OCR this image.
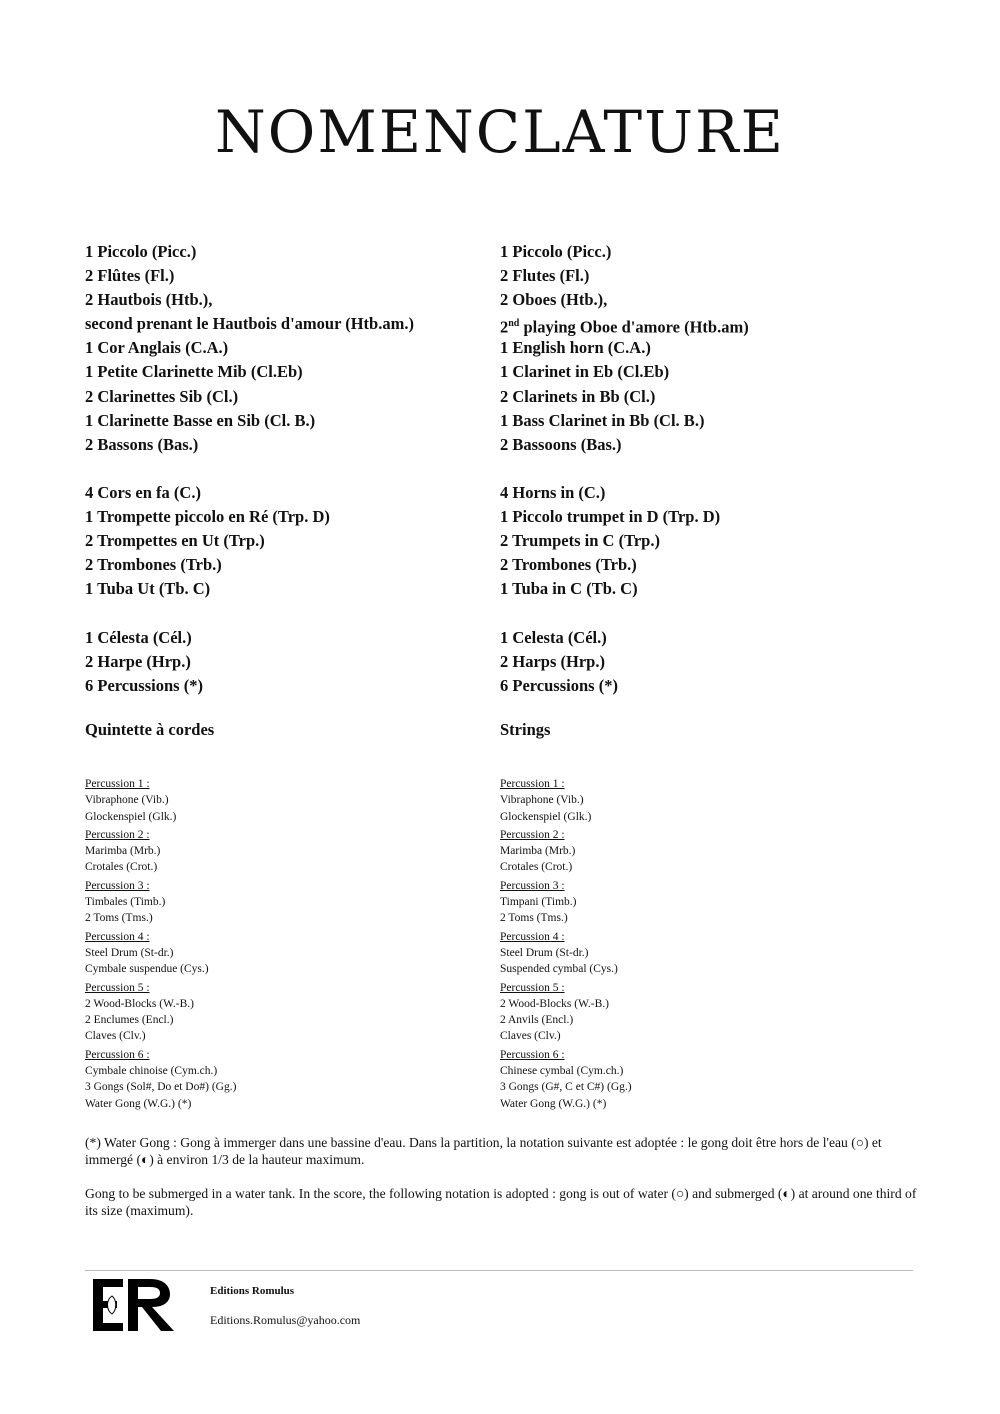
NOMENCLATURE
1 Piccolo (Picc.)
2 Flûtes (Fl.)
2 Hautbois (Htb.),
second prenant le Hautbois d'amour (Htb.am.)
1 Cor Anglais (C.A.)
1 Petite Clarinette Mib (Cl.Eb)
2 Clarinettes Sib (Cl.)
1 Clarinette Basse en Sib (Cl. B.)
2 Bassons (Bas.)
4 Cors en fa (C.)
1 Trompette piccolo en Ré (Trp. D)
2 Trompettes en Ut (Trp.)
2 Trombones (Trb.)
1 Tuba Ut (Tb. C)
1 Célesta (Cél.)
2 Harpe (Hrp.)
6 Percussions (*)
1 Piccolo (Picc.)
2 Flutes (Fl.)
2 Oboes (Htb.),
2nd playing Oboe d'amore (Htb.am)
1 English horn (C.A.)
1 Clarinet in Eb (Cl.Eb)
2 Clarinets in Bb (Cl.)
1 Bass Clarinet in Bb (Cl. B.)
2 Bassoons (Bas.)
4 Horns in (C.)
1 Piccolo trumpet in D (Trp. D)
2 Trumpets in C (Trp.)
2 Trombones (Trb.)
1 Tuba in C (Tb. C)
1 Celesta (Cél.)
2 Harps (Hrp.)
6 Percussions (*)
Quintette à cordes	Strings
Percussion 1 :
Vibraphone (Vib.)
Glockenspiel (Glk.)
Percussion 2 :
Marimba (Mrb.)
Crotales (Crot.)
Percussion 3 :
Timbales (Timb.)
2 Toms (Tms.)
Percussion 4 :
Steel Drum (St-dr.)
Cymbale suspendue (Cys.)
Percussion 5 :
2 Wood-Blocks (W.-B.)
2 Enclumes (Encl.)
Claves (Clv.)
Percussion 6 :
Cymbale chinoise (Cym.ch.)
3 Gongs (Sol#, Do et Do#) (Gg.)
Water Gong (W.G.) (*)
Percussion 1 :
Vibraphone (Vib.)
Glockenspiel (Glk.)
Percussion 2 :
Marimba (Mrb.)
Crotales (Crot.)
Percussion 3 :
Timpani (Timb.)
2 Toms (Tms.)
Percussion 4 :
Steel Drum (St-dr.)
Suspended cymbal (Cys.)
Percussion 5 :
2 Wood-Blocks (W.-B.)
2 Anvils (Encl.)
Claves (Clv.)
Percussion 6 :
Chinese cymbal (Cym.ch.)
3 Gongs (G#, C et C#) (Gg.)
Water Gong (W.G.) (*)
(*) Water Gong : Gong à immerger dans une bassine d'eau. Dans la partition, la notation suivante est adoptée : le gong doit être hors de l'eau (○) et immergé (◐) à environ 1/3 de la hauteur maximum.
Gong to be submerged in a water tank. In the score, the following notation is adopted : gong is out of water (○) and submerged (◐) at around one third of its size (maximum).
Editions Romulus
Editions.Romulus@yahoo.com
